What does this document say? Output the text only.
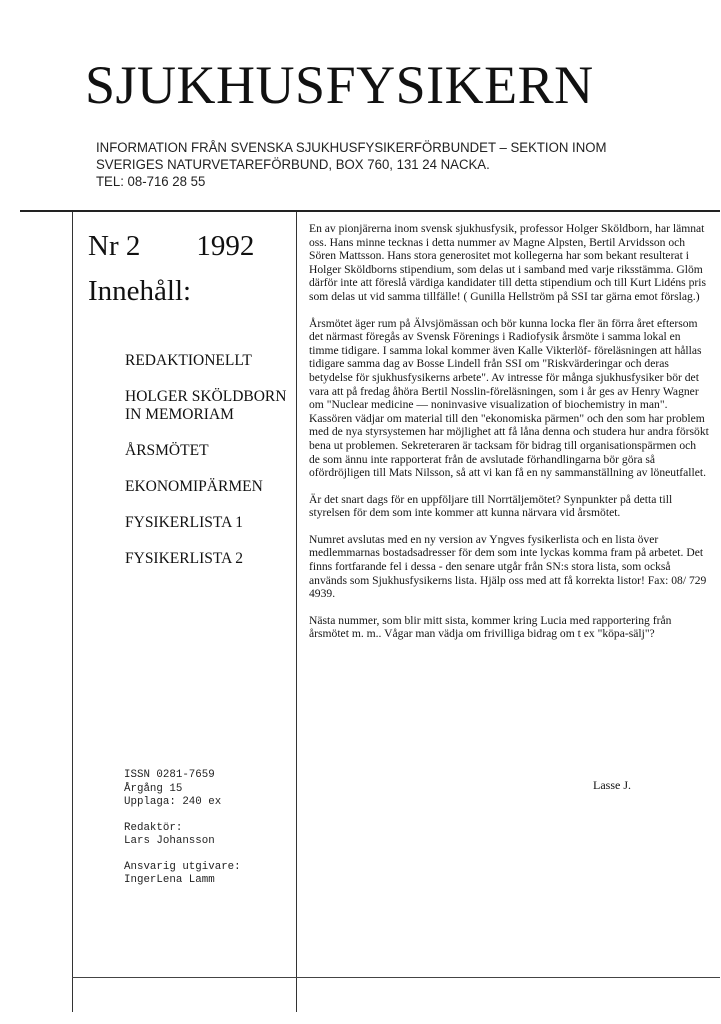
SJUKHUSFYSIKERN
INFORMATION FRÅN SVENSKA SJUKHUSFYSIKERFÖRBUNDET – SEKTION INOM
SVERIGES NATURVETAREFÖRBUND, BOX 760, 131 24 NACKA.
TEL: 08-716 28 55
Nr 2 1992
Innehåll:
REDAKTIONELLT
HOLGER SKÖLDBORN
IN MEMORIAM
ÅRSMÖTET
EKONOMIPÄRMEN
FYSIKERLISTA 1
FYSIKERLISTA 2
ISSN 0281-7659
Årgång 15
Upplaga: 240 ex
Redaktör:
Lars Johansson
Ansvarig utgivare:
IngerLena Lamm

En av pionjärerna inom svensk sjukhusfysik, professor Holger Sköldborn, har lämnat oss. Hans minne tecknas i detta nummer av Magne Alpsten, Bertil Arvidsson och Sören Mattsson. Hans stora generositet mot kollegerna har som bekant resulterat i Holger Sköldborns stipendium, som delas ut i samband med varje riksstämma. Glöm därför inte att föreslå värdiga kandidater till detta stipendium och till Kurt Lidéns pris som delas ut vid samma tillfälle! ( Gunilla Hellström på SSI tar gärna emot förslag.)

Årsmötet äger rum på Älvsjömässan och bör kunna locka fler än förra året eftersom det närmast föregås av Svensk Förenings i Radiofysik årsmöte i samma lokal en timme tidigare. I samma lokal kommer även Kalle Vikterlöf- föreläsningen att hållas tidigare samma dag av Bosse Lindell från SSI om "Riskvärderingar och deras betydelse för sjukhusfysikerns arbete". Av intresse för många sjukhusfysiker bör det vara att på fredag åhöra Bertil Nosslin-föreläsningen, som i år ges av Henry Wagner om "Nuclear medicine — noninvasive visualization of biochemistry in man". Kassören vädjar om material till den "ekonomiska pärmen" och den som har problem med de nya styrsystemen har möjlighet att få låna denna och studera hur andra försökt bena ut problemen. Sekreteraren är tacksam för bidrag till organisationspärmen och de som ännu inte rapporterat från de avslutade förhandlingarna bör göra så ofördröjligen till Mats Nilsson, så att vi kan få en ny sammanställning av löneutfallet.

Är det snart dags för en uppföljare till Norrtäljemötet? Synpunkter på detta till styrelsen för dem som inte kommer att kunna närvara vid årsmötet.

Numret avslutas med en ny version av Yngves fysikerlista och en lista över medlemmarnas bostadsadresser för dem som inte lyckas komma fram på arbetet. Det finns fortfarande fel i dessa - den senare utgår från SN:s stora lista, som också används som Sjukhusfysikerns lista. Hjälp oss med att få korrekta listor! Fax: 08/ 729 4939.

Nästa nummer, som blir mitt sista, kommer kring Lucia med rapportering från årsmötet m. m.. Vågar man vädja om frivilliga bidrag om t ex "köpa-sälj"?

Lasse J.
